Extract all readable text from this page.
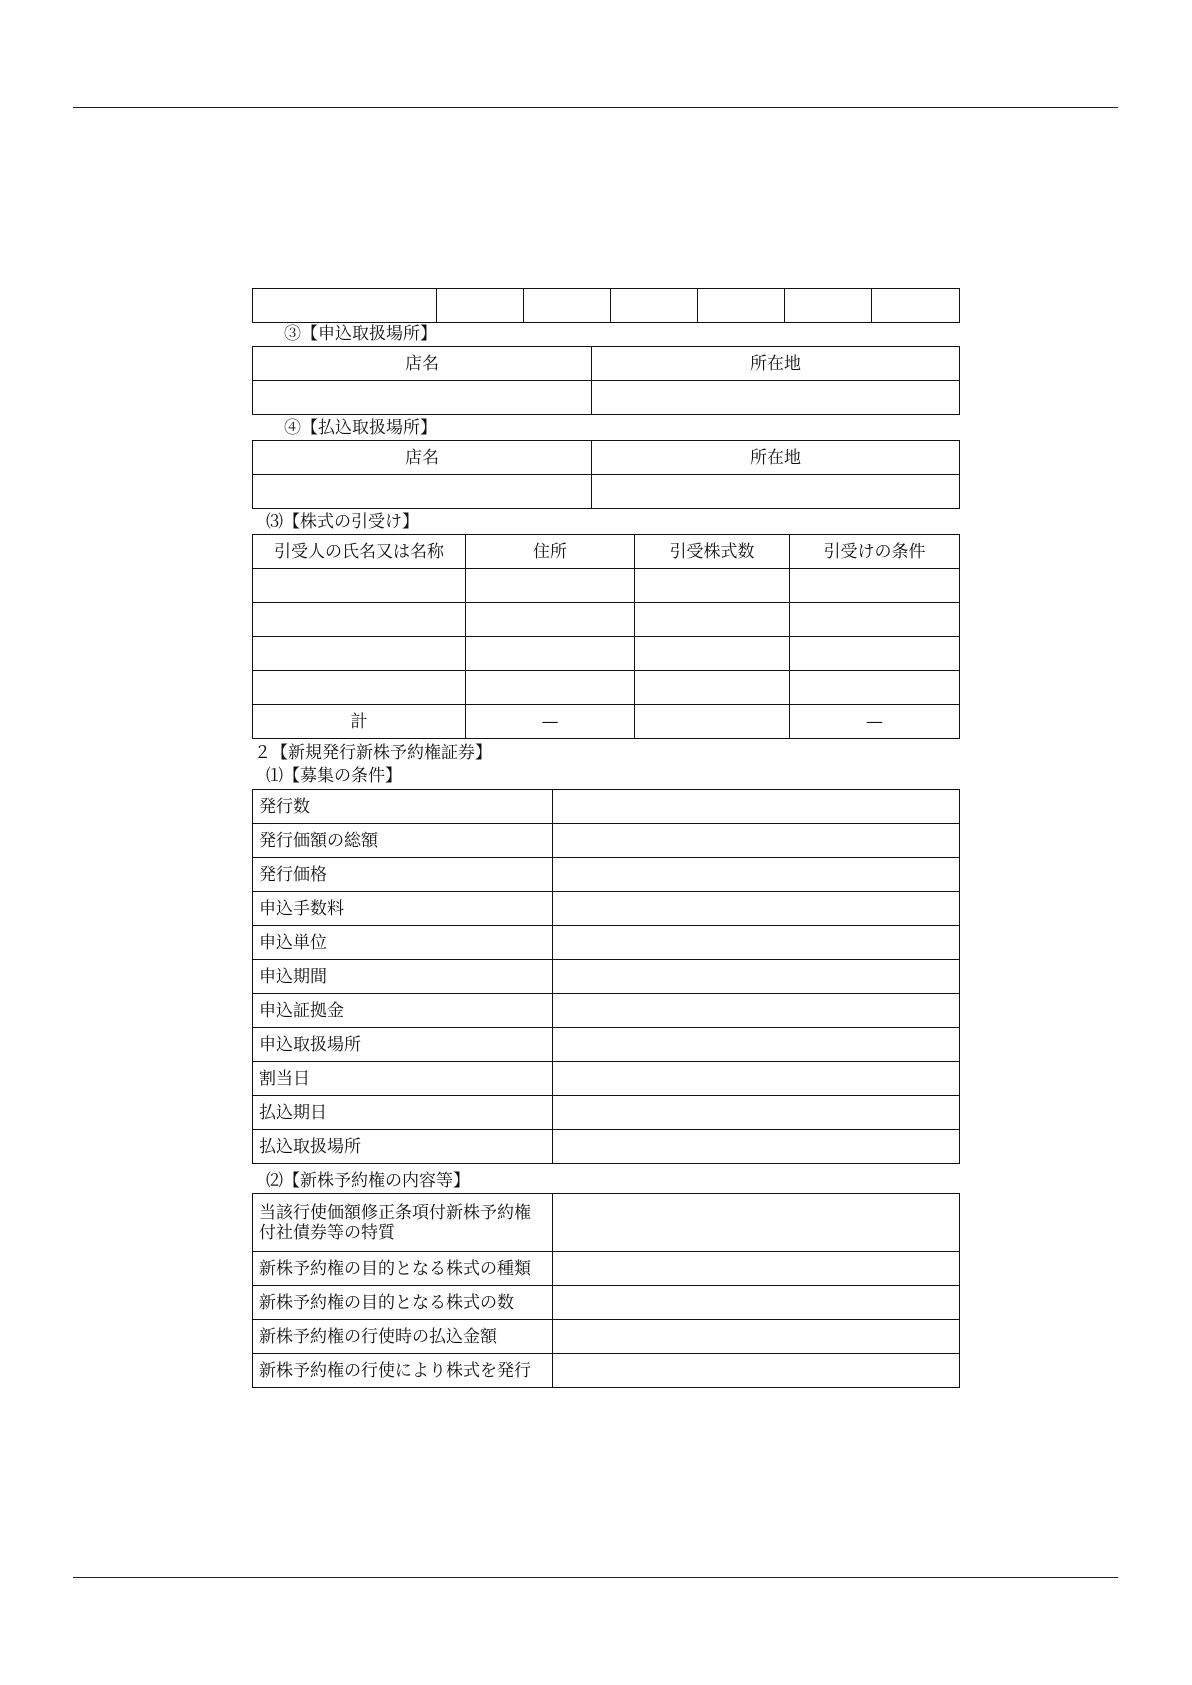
③【申込取扱場所】
店名	所在地

④【払込取扱場所】
店名	所在地

⑶【株式の引受け】
引受人の氏名又は名称	住所	引受株式数	引受けの条件

計	—		—
２【新規発行新株予約権証券】
⑴【募集の条件】
発行数	
発行価額の総額	
発行価格	
申込手数料	
申込単位	
申込期間	
申込証拠金	
申込取扱場所	
割当日	
払込期日	
払込取扱場所	
⑵【新株予約権の内容等】
当該行使価額修正条項付新株予約権
付社債券等の特質	

新株予約権の目的となる株式の種類	
新株予約権の目的となる株式の数	
新株予約権の行使時の払込金額	
新株予約権の行使により株式を発行	
